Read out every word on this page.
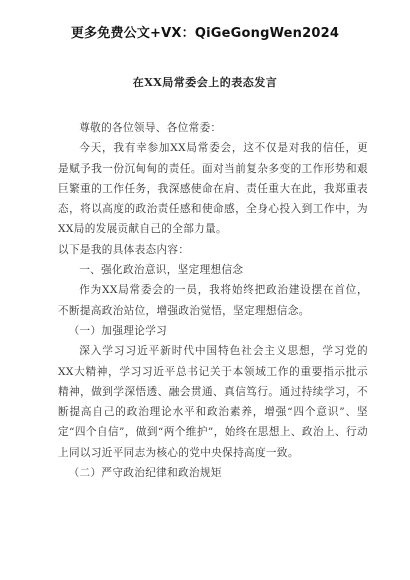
更多免费公文+VX：QiGeGongWen2024
在XX局常委会上的表态发言

尊敬的各位领导、各位常委：

今天，我有幸参加XX局常委会，这不仅是对我的信任，更是赋予我一份沉甸甸的责任。面对当前复杂多变的工作形势和艰巨繁重的工作任务，我深感使命在肩、责任重大在此，我郑重表态，将以高度的政治责任感和使命感，全身心投入到工作中，为XX局的发展贡献自己的全部力量。

以下是我的具体表态内容：

一、强化政治意识，坚定理想信念

作为XX局常委会的一员，我将始终把政治建设摆在首位，不断提高政治站位，增强政治觉悟，坚定理想信念。

（一）加强理论学习

深入学习习近平新时代中国特色社会主义思想，学习党的XX大精神，学习习近平总书记关于本领域工作的重要指示批示精神，做到学深悟透、融会贯通、真信笃行。通过持续学习，不断提高自己的政治理论水平和政治素养，增强“四个意识”、坚定“四个自信”，做到“两个维护”，始终在思想上、政治上、行动上同以习近平同志为核心的党中央保持高度一致。

（二）严守政治纪律和政治规矩
